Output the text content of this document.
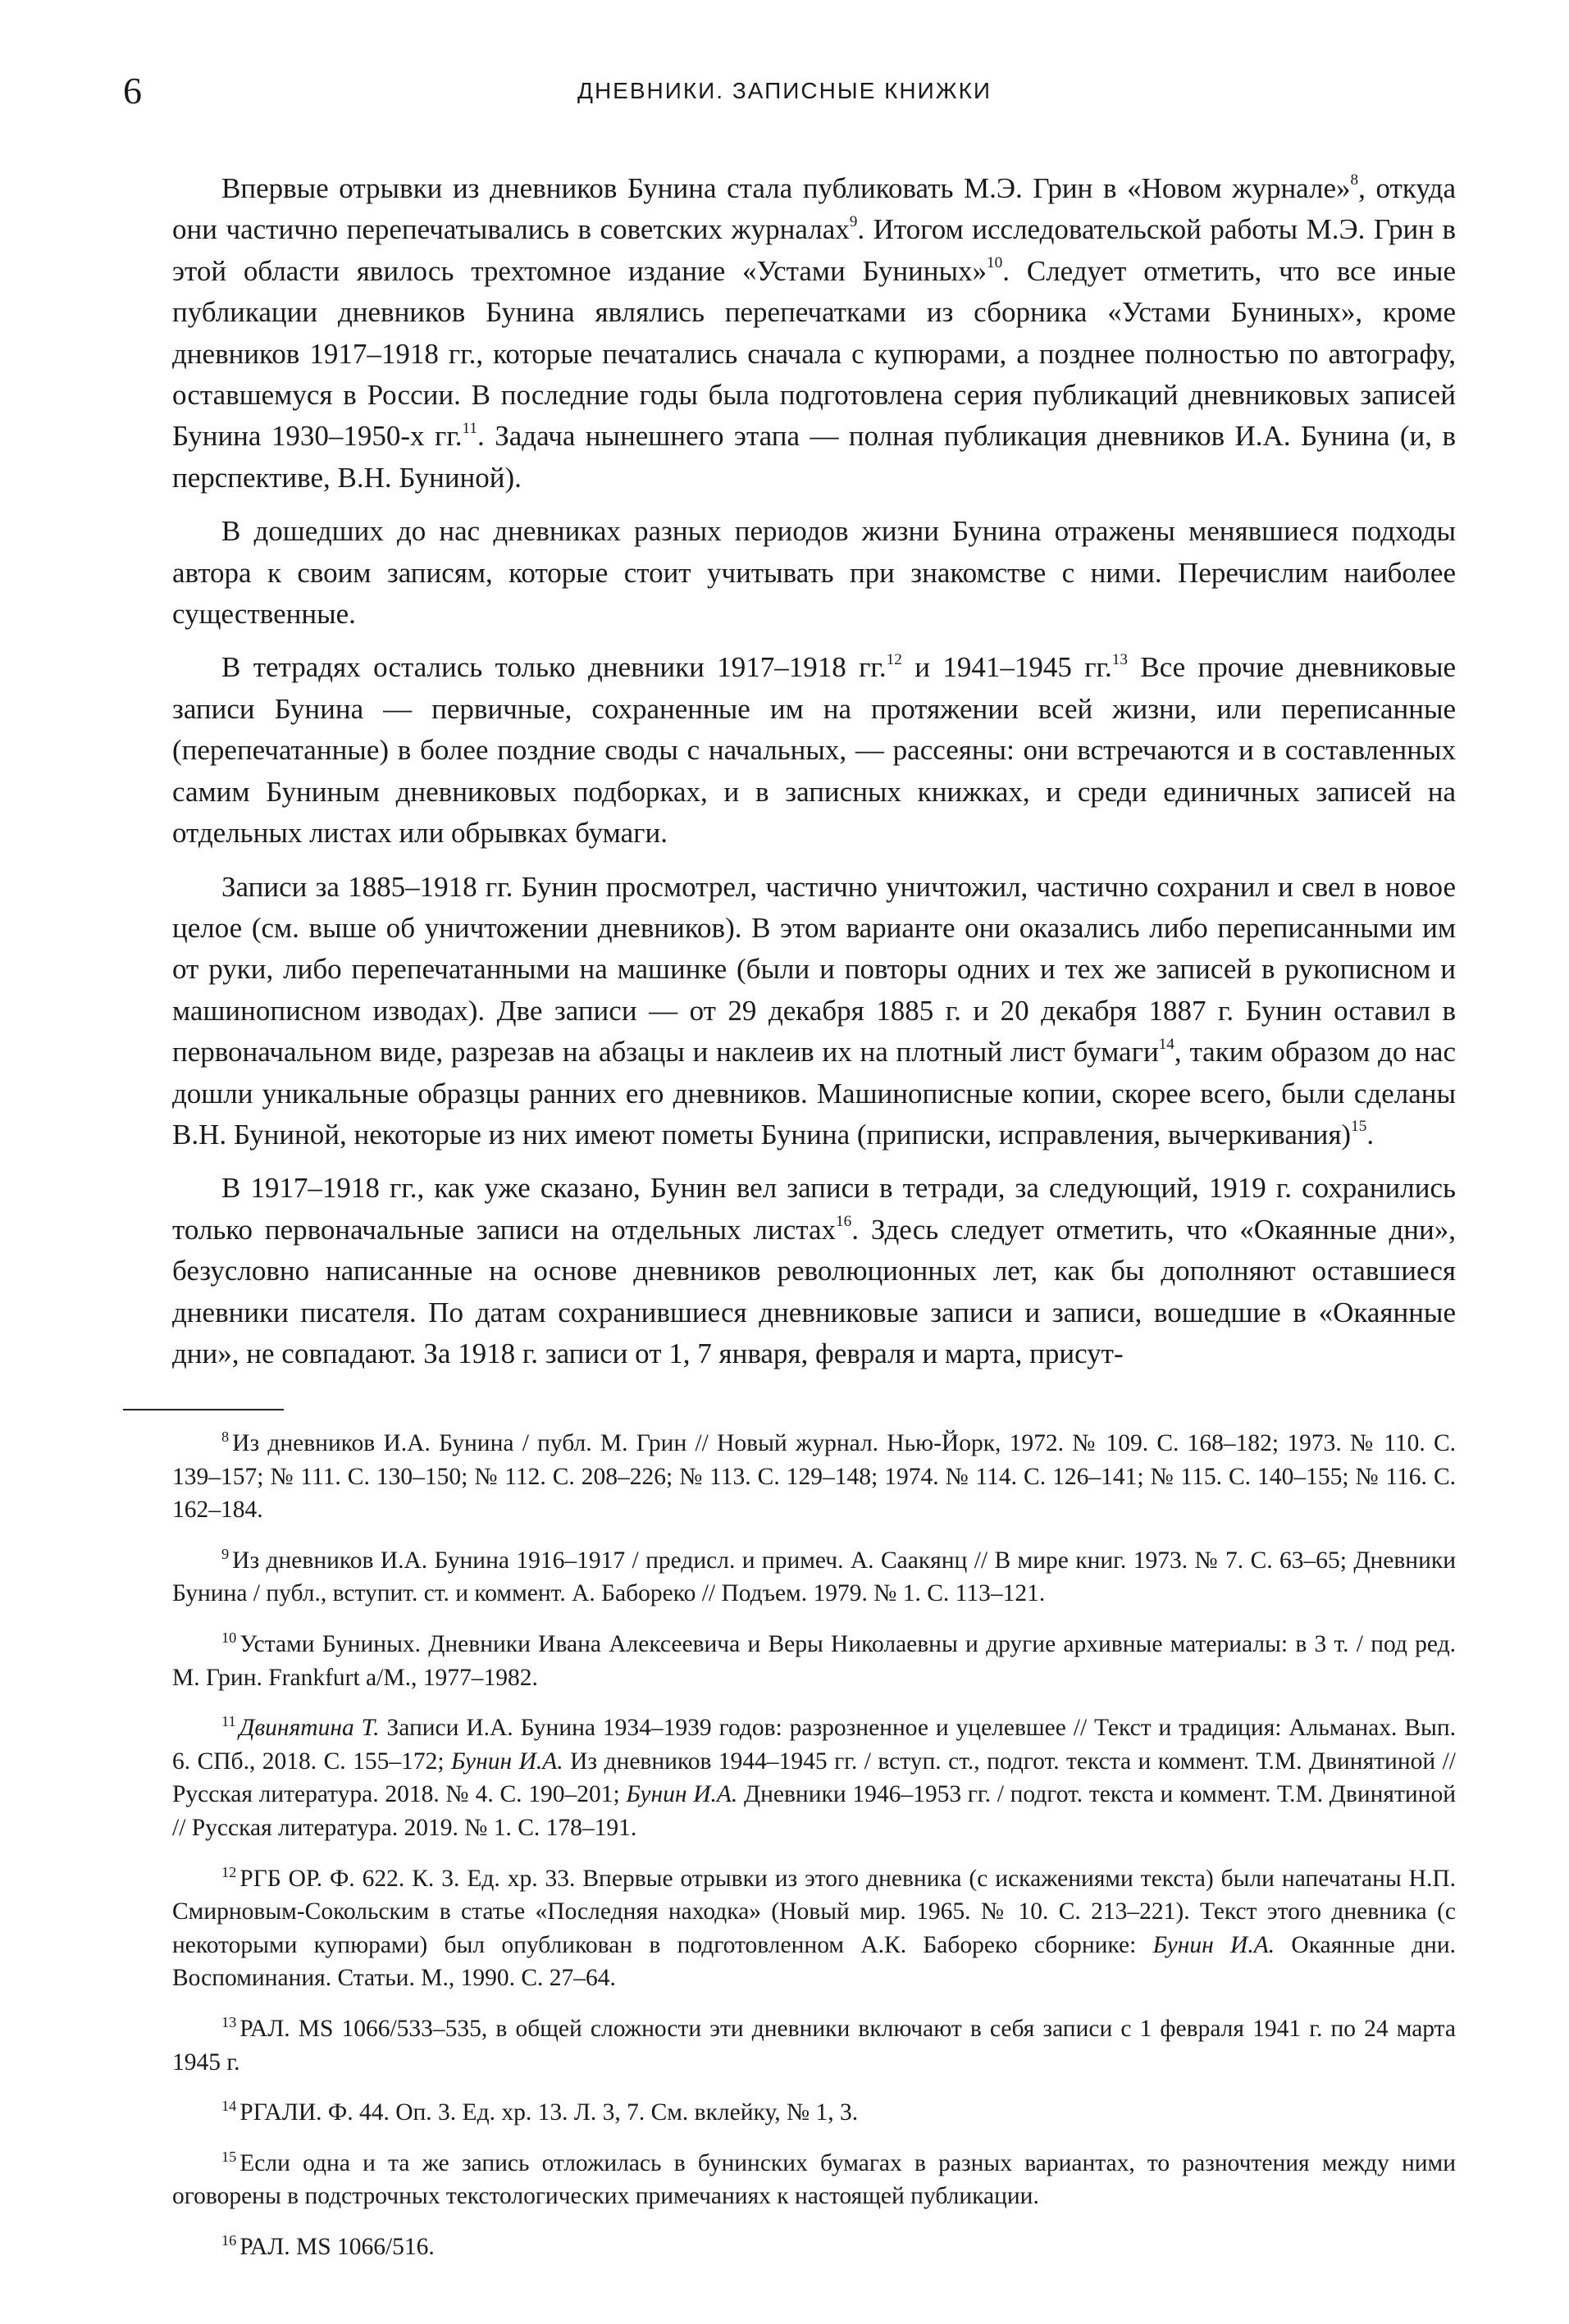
6	ДНЕВНИКИ. ЗАПИСНЫЕ КНИЖКИ

Впервые отрывки из дневников Бунина стала публиковать М.Э. Грин в «Новом журнале»$^8$, откуда они частично перепечатывались в советских журналах$^9$. Итогом исследовательской работы М.Э. Грин в этой области явилось трехтомное издание «Устами Буниных»$^{10}$. Следует отметить, что все иные публикации дневников Бунина являлись перепечатками из сборника «Устами Буниных», кроме дневников 1917–1918 гг., которые печатались сначала с купюрами, а позднее полностью по автографу, оставшемуся в России. В последние годы была подготовлена серия публикаций дневниковых записей Бунина 1930–1950-х гг.$^{11}$. Задача нынешнего этапа — полная публикация дневников И.А. Бунина (и, в перспективе, В.Н. Буниной).

В дошедших до нас дневниках разных периодов жизни Бунина отражены менявшиеся подходы автора к своим записям, которые стоит учитывать при знакомстве с ними. Перечислим наиболее существенные.

В тетрадях остались только дневники 1917–1918 гг.$^{12}$ и 1941–1945 гг.$^{13}$ Все прочие дневниковые записи Бунина — первичные, сохраненные им на протяжении всей жизни, или переписанные (перепечатанные) в более поздние своды с начальных, — рассеяны: они встречаются и в составленных самим Буниным дневниковых подборках, и в записных книжках, и среди единичных записей на отдельных листах или обрывках бумаги.

Записи за 1885–1918 гг. Бунин просмотрел, частично уничтожил, частично сохранил и свел в новое целое (см. выше об уничтожении дневников). В этом варианте они оказались либо переписанными им от руки, либо перепечатанными на машинке (были и повторы одних и тех же записей в рукописном и машинописном изводах). Две записи — от 29 декабря 1885 г. и 20 декабря 1887 г. Бунин оставил в первоначальном виде, разрезав на абзацы и наклеив их на плотный лист бумаги$^{14}$, таким образом до нас дошли уникальные образцы ранних его дневников. Машинописные копии, скорее всего, были сделаны В.Н. Буниной, некоторые из них имеют пометы Бунина (приписки, исправления, вычеркивания)$^{15}$.

В 1917–1918 гг., как уже сказано, Бунин вел записи в тетради, за следующий, 1919 г. сохранились только первоначальные записи на отдельных листах$^{16}$. Здесь следует отметить, что «Окаянные дни», безусловно написанные на основе дневников революционных лет, как бы дополняют оставшиеся дневники писателя. По датам сохранившиеся дневниковые записи и записи, вошедшие в «Окаянные дни», не совпадают. За 1918 г. записи от 1, 7 января, февраля и марта, присут-

$^8$ Из дневников И.А. Бунина / публ. М. Грин // Новый журнал. Нью-Йорк, 1972. № 109. С. 168–182; 1973. № 110. С. 139–157; № 111. С. 130–150; № 112. С. 208–226; № 113. С. 129–148; 1974. № 114. С. 126–141; № 115. С. 140–155; № 116. С. 162–184.

$^9$ Из дневников И.А. Бунина 1916–1917 / предисл. и примеч. А. Саакянц // В мире книг. 1973. № 7. С. 63–65; Дневники Бунина / публ., вступит. ст. и коммент. А. Бабореко // Подъем. 1979. № 1. С. 113–121.

$^{10}$ Устами Буниных. Дневники Ивана Алексеевича и Веры Николаевны и другие архивные материалы: в 3 т. / под ред. М. Грин. Frankfurt a/M., 1977–1982.

$^{11}$ Двинятина Т. Записи И.А. Бунина 1934–1939 годов: разрозненное и уцелевшее // Текст и традиция: Альманах. Вып. 6. СПб., 2018. С. 155–172; Бунин И.А. Из дневников 1944–1945 гг. / вступ. ст., подгот. текста и коммент. Т.М. Двинятиной // Русская литература. 2018. № 4. С. 190–201; Бунин И.А. Дневники 1946–1953 гг. / подгот. текста и коммент. Т.М. Двинятиной // Русская литература. 2019. № 1. С. 178–191.

$^{12}$ РГБ ОР. Ф. 622. К. 3. Ед. хр. 33. Впервые отрывки из этого дневника (с искажениями текста) были напечатаны Н.П. Смирновым-Сокольским в статье «Последняя находка» (Новый мир. 1965. № 10. С. 213–221). Текст этого дневника (с некоторыми купюрами) был опубликован в подготовленном А.К. Бабореко сборнике: Бунин И.А. Окаянные дни. Воспоминания. Статьи. М., 1990. С. 27–64.

$^{13}$ РАЛ. MS 1066/533–535, в общей сложности эти дневники включают в себя записи с 1 февраля 1941 г. по 24 марта 1945 г.

$^{14}$ РГАЛИ. Ф. 44. Оп. 3. Ед. хр. 13. Л. 3, 7. См. вклейку, № 1, 3.

$^{15}$ Если одна и та же запись отложилась в бунинских бумагах в разных вариантах, то разночтения между ними оговорены в подстрочных текстологических примечаниях к настоящей публикации.

$^{16}$ РАЛ. MS 1066/516.
